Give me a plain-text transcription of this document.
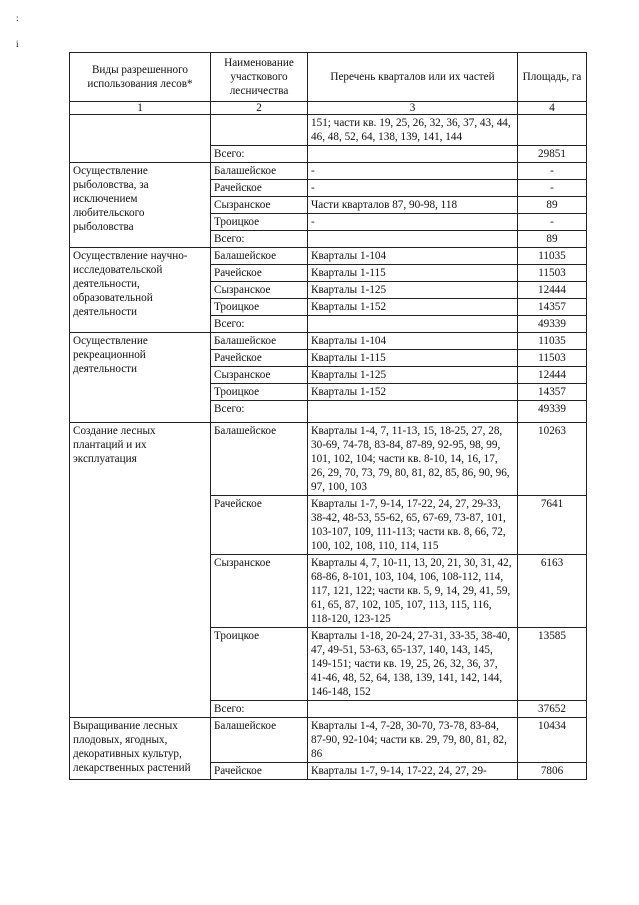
:
i
Виды разрешенного использования лесов*	Наименование участкового лесничества	Перечень кварталов или их частей	Площадь, га
1	2	3	4
		151; части кв. 19, 25, 26, 32, 36, 37, 43, 44, 46, 48, 52, 64, 138, 139, 141, 144	
	Всего:		29851
Осуществление рыболовства, за исключением любительского рыболовства	Балашейское	-	-
	Рачейское	-	-
	Сызранское	Части кварталов 87, 90-98, 118	89
	Троицкое	-	-
	Всего:		89
Осуществление научно-исследовательской деятельности, образовательной деятельности	Балашейское	Кварталы 1-104	11035
	Рачейское	Кварталы 1-115	11503
	Сызранское	Кварталы 1-125	12444
	Троицкое	Кварталы 1-152	14357
	Всего:		49339
Осуществление рекреационной деятельности	Балашейское	Кварталы 1-104	11035
	Рачейское	Кварталы 1-115	11503
	Сызранское	Кварталы 1-125	12444
	Троицкое	Кварталы 1-152	14357
	Всего:		49339
Создание лесных плантаций и их эксплуатация	Балашейское	Кварталы 1-4, 7, 11-13, 15, 18-25, 27, 28, 30-69, 74-78, 83-84, 87-89, 92-95, 98, 99, 101, 102, 104; части кв. 8-10, 14, 16, 17, 26, 29, 70, 73, 79, 80, 81, 82, 85, 86, 90, 96, 97, 100, 103	10263
	Рачейское	Кварталы 1-7, 9-14, 17-22, 24, 27, 29-33, 38-42, 48-53, 55-62, 65, 67-69, 73-87, 101, 103-107, 109, 111-113; части кв. 8, 66, 72, 100, 102, 108, 110, 114, 115	7641
	Сызранское	Кварталы 4, 7, 10-11, 13, 20, 21, 30, 31, 42, 68-86, 8-101, 103, 104, 106, 108-112, 114, 117, 121, 122; части кв. 5, 9, 14, 29, 41, 59, 61, 65, 87, 102, 105, 107, 113, 115, 116, 118-120, 123-125	6163
	Троицкое	Кварталы 1-18, 20-24, 27-31, 33-35, 38-40, 47, 49-51, 53-63, 65-137, 140, 143, 145, 149-151; части кв. 19, 25, 26, 32, 36, 37, 41-46, 48, 52, 64, 138, 139, 141, 142, 144, 146-148, 152	13585
	Всего:		37652
Выращивание лесных плодовых, ягодных, декоративных культур, лекарственных растений	Балашейское	Кварталы 1-4, 7-28, 30-70, 73-78, 83-84, 87-90, 92-104; части кв. 29, 79, 80, 81, 82, 86	10434
	Рачейское	Кварталы 1-7, 9-14, 17-22, 24, 27, 29-	7806
